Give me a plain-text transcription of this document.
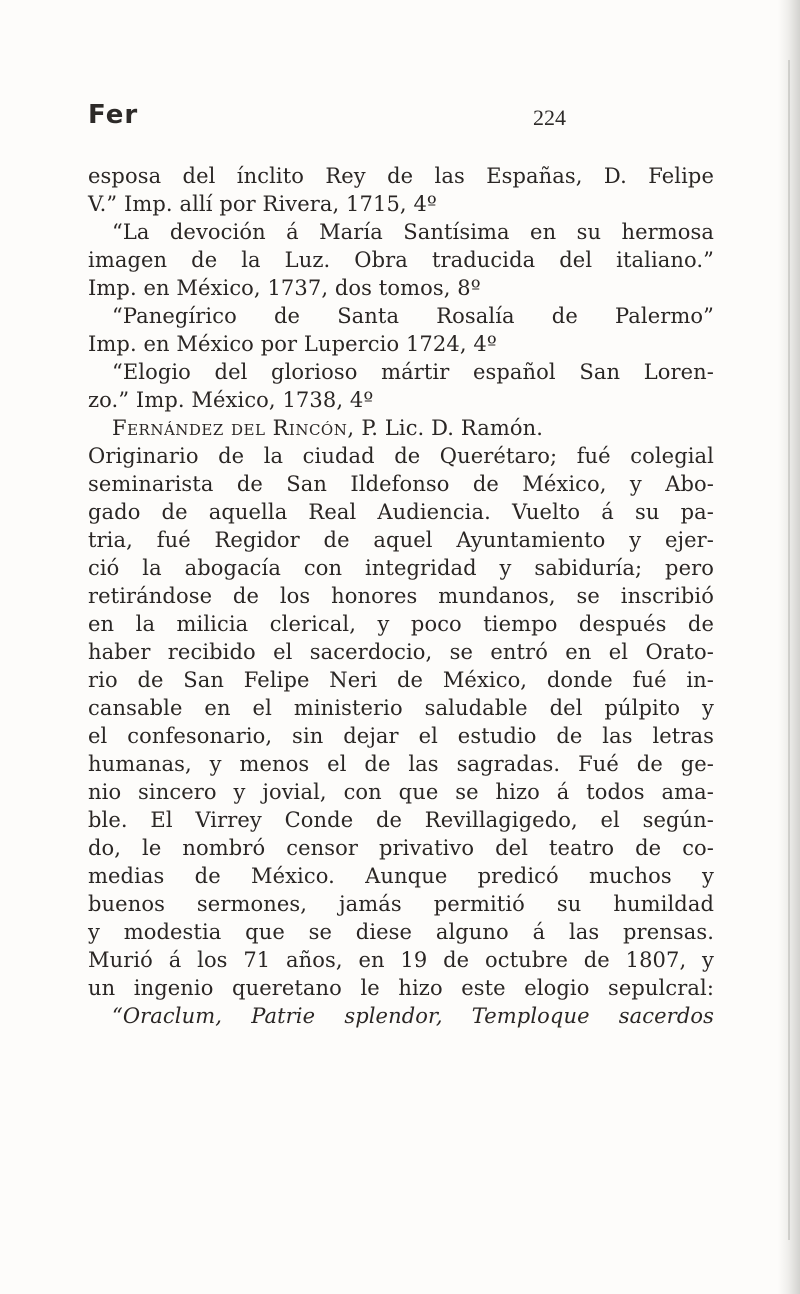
Fer	224
esposa del ínclito Rey de las Españas, D. Felipe
V.” Imp. allí por Rivera, 1715, 4º
“La devoción á María Santísima en su hermosa
imagen de la Luz. Obra traducida del italiano.”
Imp. en México, 1737, dos tomos, 8º
“Panegírico de Santa Rosalía de Palermo”
Imp. en México por Lupercio 1724, 4º
“Elogio del glorioso mártir español San Loren-
zo.” Imp. México, 1738, 4º
Fernández del Rincón, P. Lic. D. Ramón.
Originario de la ciudad de Querétaro; fué colegial
seminarista de San Ildefonso de México, y Abo-
gado de aquella Real Audiencia. Vuelto á su pa-
tria, fué Regidor de aquel Ayuntamiento y ejer-
ció la abogacía con integridad y sabiduría; pero
retirándose de los honores mundanos, se inscribió
en la milicia clerical, y poco tiempo después de
haber recibido el sacerdocio, se entró en el Orato-
rio de San Felipe Neri de México, donde fué in-
cansable en el ministerio saludable del púlpito y
el confesonario, sin dejar el estudio de las letras
humanas, y menos el de las sagradas. Fué de ge-
nio sincero y jovial, con que se hizo á todos ama-
ble. El Virrey Conde de Revillagigedo, el según-
do, le nombró censor privativo del teatro de co-
medias de México. Aunque predicó muchos y
buenos sermones, jamás permitió su humildad
y modestia que se diese alguno á las prensas.
Murió á los 71 años, en 19 de octubre de 1807, y
un ingenio queretano le hizo este elogio sepulcral:
“Oraclum, Patrie splendor, Temploque sacerdos
